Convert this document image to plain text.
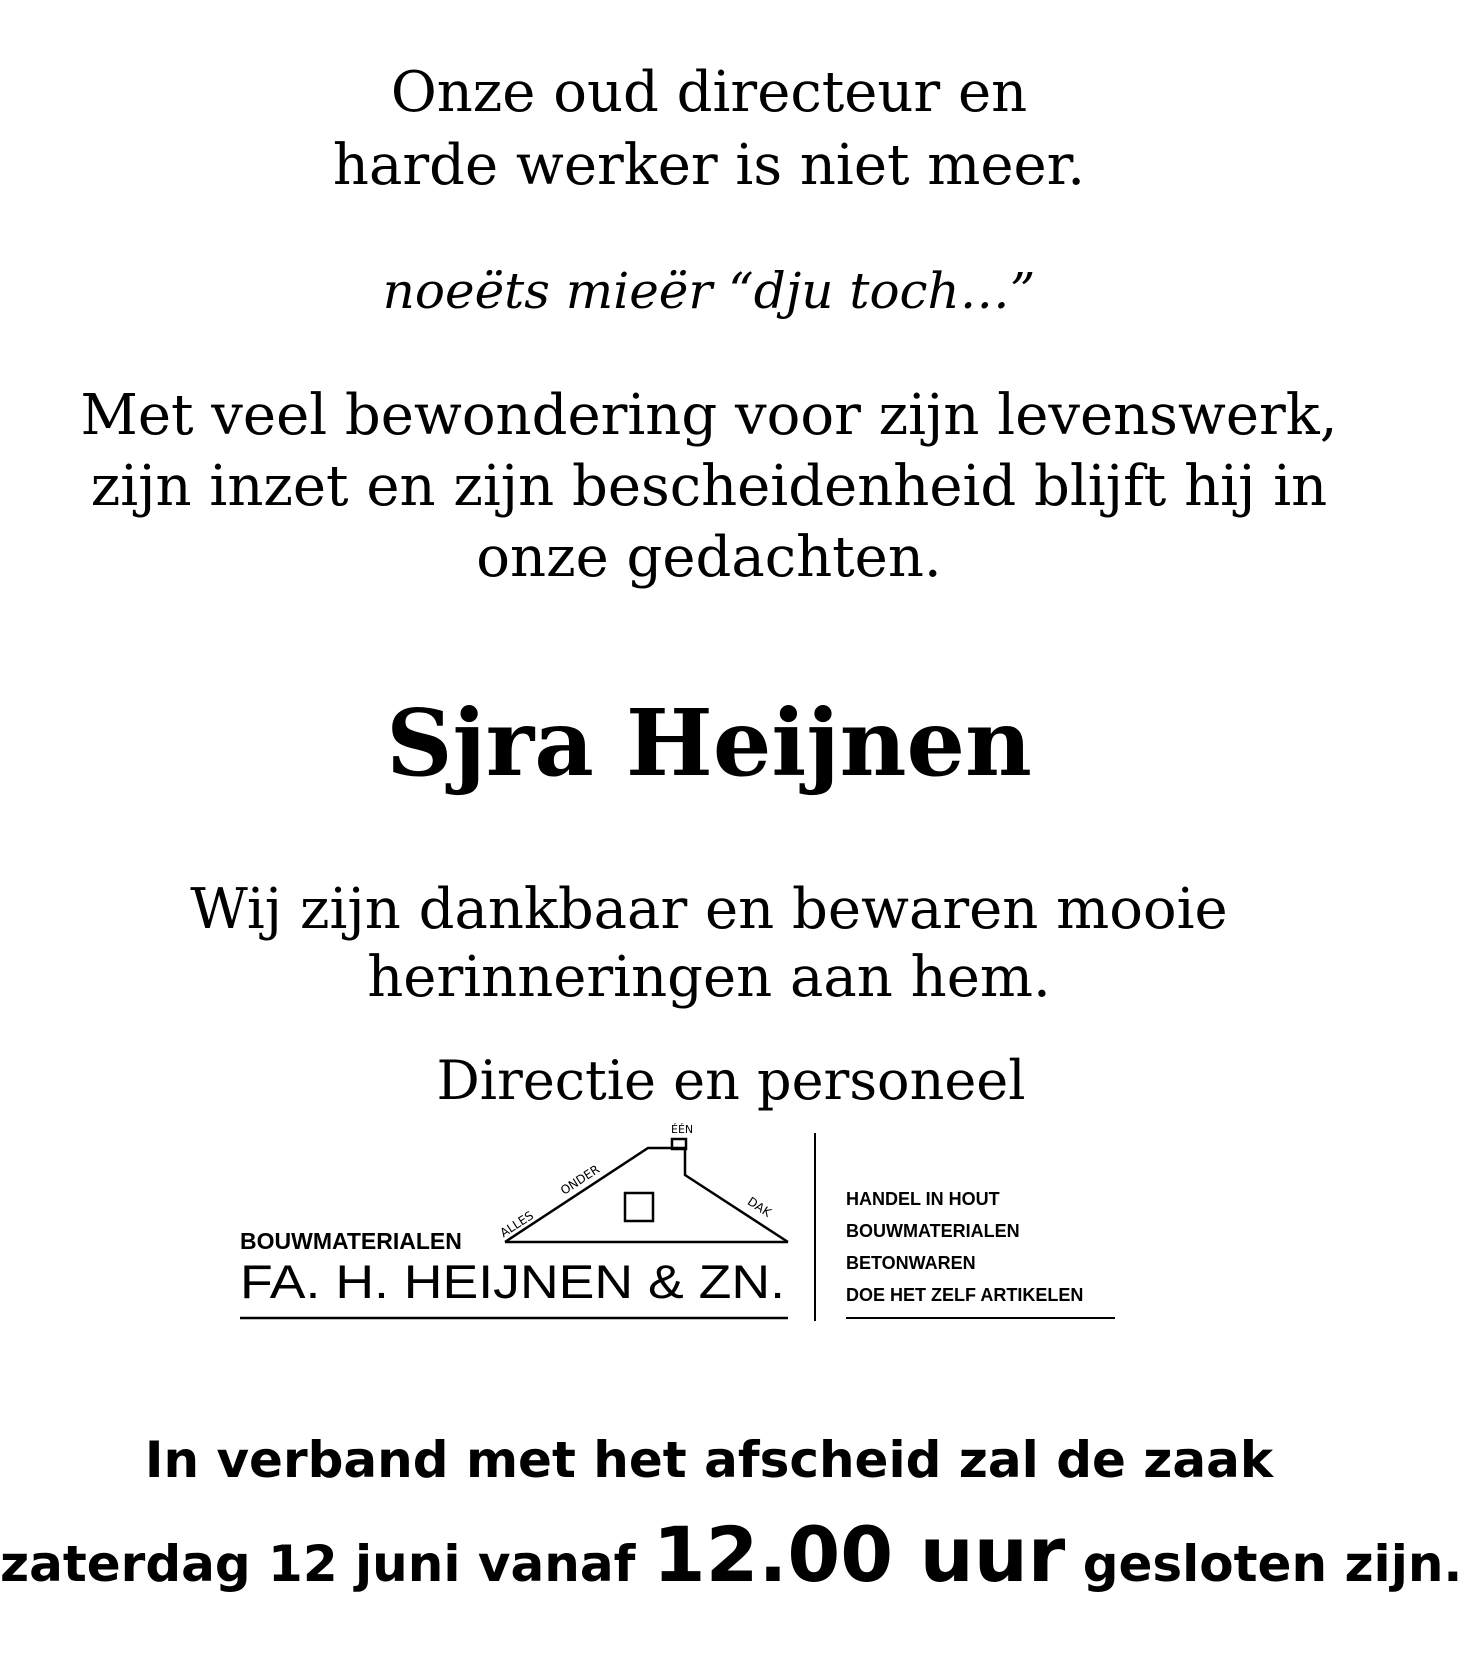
Onze oud directeur en
harde werker is niet meer.
noeëts mieër “dju toch…”
Met veel bewondering voor zijn levenswerk,
zijn inzet en zijn bescheidenheid blijft hij in
onze gedachten.
Sjra Heijnen
Wij zijn dankbaar en bewaren mooie
herinneringen aan hem.
Directie en personeel
ALLES
ONDER
ÉÉN
DAK
BOUWMATERIALEN
FA. H. HEIJNEN & ZN.
HANDEL IN HOUT
BOUWMATERIALEN
BETONWAREN
DOE HET ZELF ARTIKELEN
In verband met het afscheid zal de zaak
zaterdag 12 juni vanaf 12.00 uur gesloten zijn.
